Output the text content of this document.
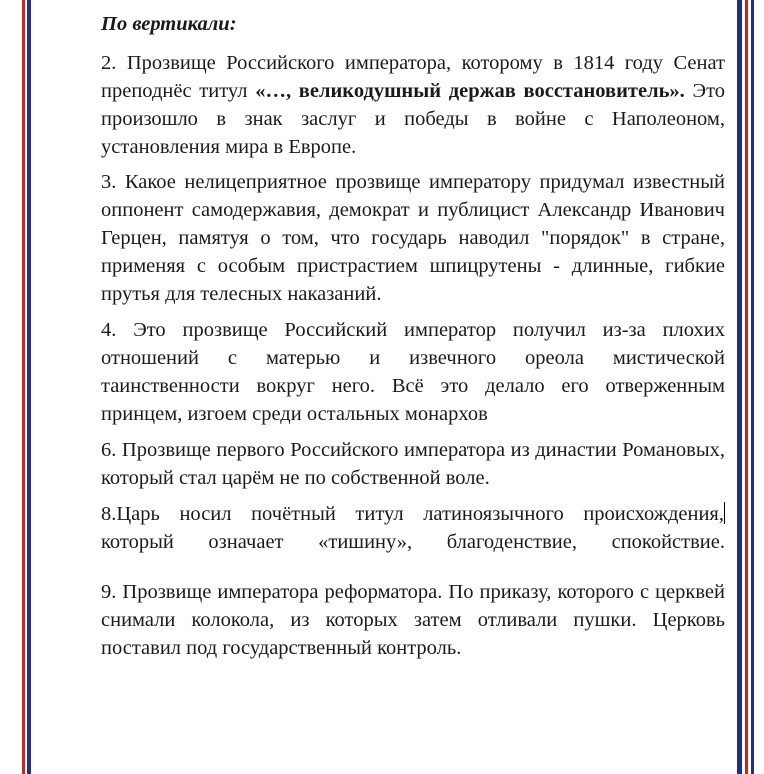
По вертикали:

2. Прозвище Российского императора, которому в 1814 году Сенат преподнёс титул «…, великодушный держав восстановитель». Это произошло в знак заслуг и победы в войне с Наполеоном, установления мира в Европе.

3. Какое нелицеприятное прозвище императору придумал известный оппонент самодержавия, демократ и публицист Александр Иванович Герцен, памятуя о том, что государь наводил "порядок" в стране, применяя с особым пристрастием шпицрутены - длинные, гибкие прутья для телесных наказаний.

4. Это прозвище Российский император получил из-за плохих отношений с матерью и извечного ореола мистической таинственности вокруг него. Всё это делало его отверженным принцем, изгоем среди остальных монархов

6. Прозвище первого Российского императора из династии Романовых, который стал царём не по собственной воле.

8.Царь носил почётный титул латиноязычного происхождения, который означает «тишину», благоденствие, спокойствие.

9. Прозвище императора реформатора. По приказу, которого с церквей снимали колокола, из которых затем отливали пушки. Церковь поставил под государственный контроль.
